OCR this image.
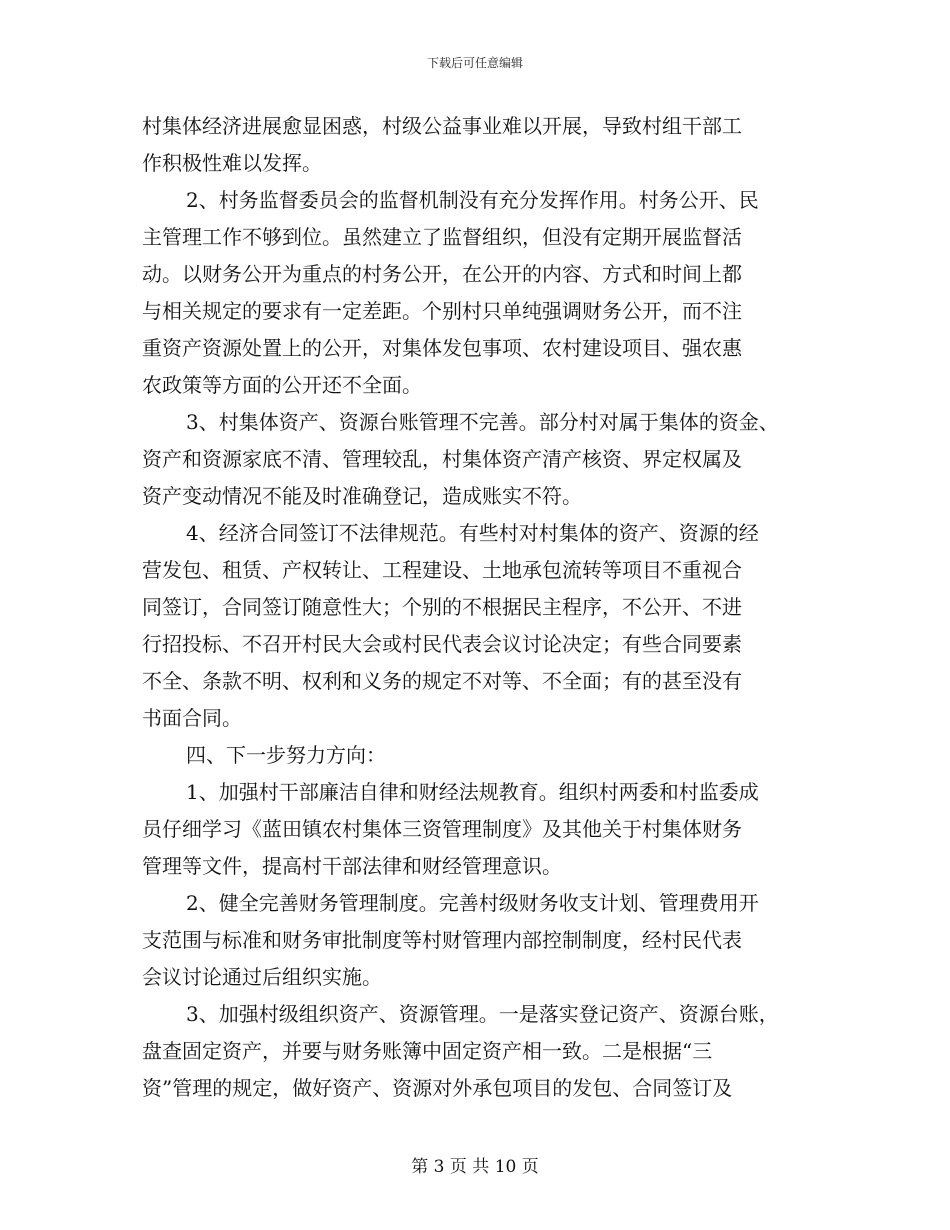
下载后可任意编辑
村集体经济进展愈显困惑，村级公益事业难以开展，导致村组干部工
作积极性难以发挥。
2、村务监督委员会的监督机制没有充分发挥作用。村务公开、民
主管理工作不够到位。虽然建立了监督组织，但没有定期开展监督活
动。以财务公开为重点的村务公开，在公开的内容、方式和时间上都
与相关规定的要求有一定差距。个别村只单纯强调财务公开，而不注
重资产资源处置上的公开，对集体发包事项、农村建设项目、强农惠
农政策等方面的公开还不全面。
3、村集体资产、资源台账管理不完善。部分村对属于集体的资金、
资产和资源家底不清、管理较乱，村集体资产清产核资、界定权属及
资产变动情况不能及时准确登记，造成账实不符。
4、经济合同签订不法律规范。有些村对村集体的资产、资源的经
营发包、租赁、产权转让、工程建设、土地承包流转等项目不重视合
同签订，合同签订随意性大；个别的不根据民主程序，不公开、不进
行招投标、不召开村民大会或村民代表会议讨论决定；有些合同要素
不全、条款不明、权利和义务的规定不对等、不全面；有的甚至没有
书面合同。
四、下一步努力方向：
1、加强村干部廉洁自律和财经法规教育。组织村两委和村监委成
员仔细学习《蓝田镇农村集体三资管理制度》及其他关于村集体财务
管理等文件，提高村干部法律和财经管理意识。
2、健全完善财务管理制度。完善村级财务收支计划、管理费用开
支范围与标准和财务审批制度等村财管理内部控制制度，经村民代表
会议讨论通过后组织实施。
3、加强村级组织资产、资源管理。一是落实登记资产、资源台账，
盘查固定资产，并要与财务账簿中固定资产相一致。二是根据“三
资”管理的规定，做好资产、资源对外承包项目的发包、合同签订及
第 3 页 共 10 页
